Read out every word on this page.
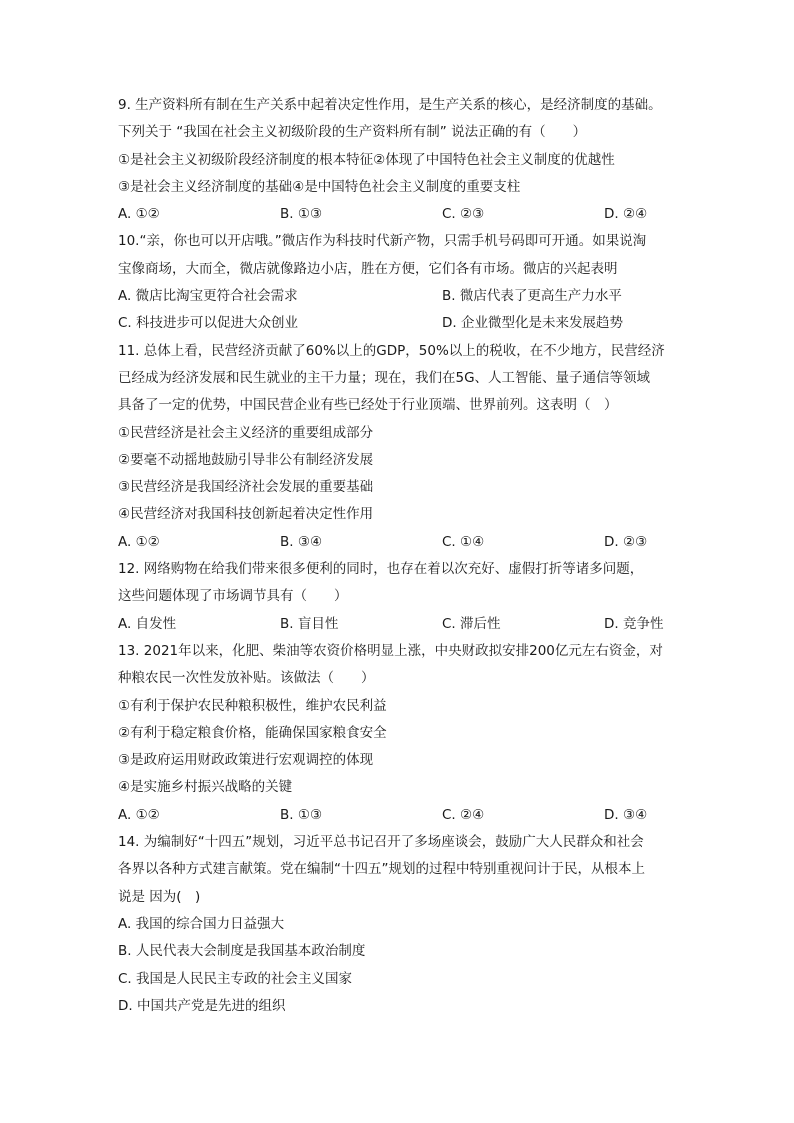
9. 生产资料所有制在生产关系中起着决定性作用，是生产关系的核心，是经济制度的基础。
下列关于 “我国在社会主义初级阶段的生产资料所有制” 说法正确的有（　　）
①是社会主义初级阶段经济制度的根本特征②体现了中国特色社会主义制度的优越性
③是社会主义经济制度的基础④是中国特色社会主义制度的重要支柱
A. ①②	B. ①③	C. ②③	D. ②④
10.“亲，你也可以开店哦。”微店作为科技时代新产物，只需手机号码即可开通。如果说淘
宝像商场，大而全，微店就像路边小店，胜在方便，它们各有市场。微店的兴起表明
A. 微店比淘宝更符合社会需求	B. 微店代表了更高生产力水平
C. 科技进步可以促进大众创业	D. 企业微型化是未来发展趋势
11. 总体上看，民营经济贡献了60%以上的GDP，50%以上的税收，在不少地方，民营经济
已经成为经济发展和民生就业的主干力量；现在，我们在5G、人工智能、量子通信等领域
具备了一定的优势，中国民营企业有些已经处于行业顶端、世界前列。这表明（　）
①民营经济是社会主义经济的重要组成部分
②要毫不动摇地鼓励引导非公有制经济发展
③民营经济是我国经济社会发展的重要基础
④民营经济对我国科技创新起着决定性作用
A. ①②	B. ③④	C. ①④	D. ②③
12. 网络购物在给我们带来很多便利的同时，也存在着以次充好、虚假打折等诸多问题，
这些问题体现了市场调节具有（　　）
A. 自发性	B. 盲目性	C. 滞后性	D. 竞争性
13. 2021年以来，化肥、柴油等农资价格明显上涨，中央财政拟安排200亿元左右资金，对
种粮农民一次性发放补贴。该做法（　　）
①有利于保护农民种粮积极性，维护农民利益
②有利于稳定粮食价格，能确保国家粮食安全
③是政府运用财政政策进行宏观调控的体现
④是实施乡村振兴战略的关键
A. ①②	B. ①③	C. ②④	D. ③④
14. 为编制好“十四五”规划，习近平总书记召开了多场座谈会，鼓励广大人民群众和社会
各界以各种方式建言献策。党在编制“十四五”规划的过程中特别重视问计于民，从根本上
说是 因为(　)
A. 我国的综合国力日益强大
B. 人民代表大会制度是我国基本政治制度
C. 我国是人民民主专政的社会主义国家
D. 中国共产党是先进的组织
